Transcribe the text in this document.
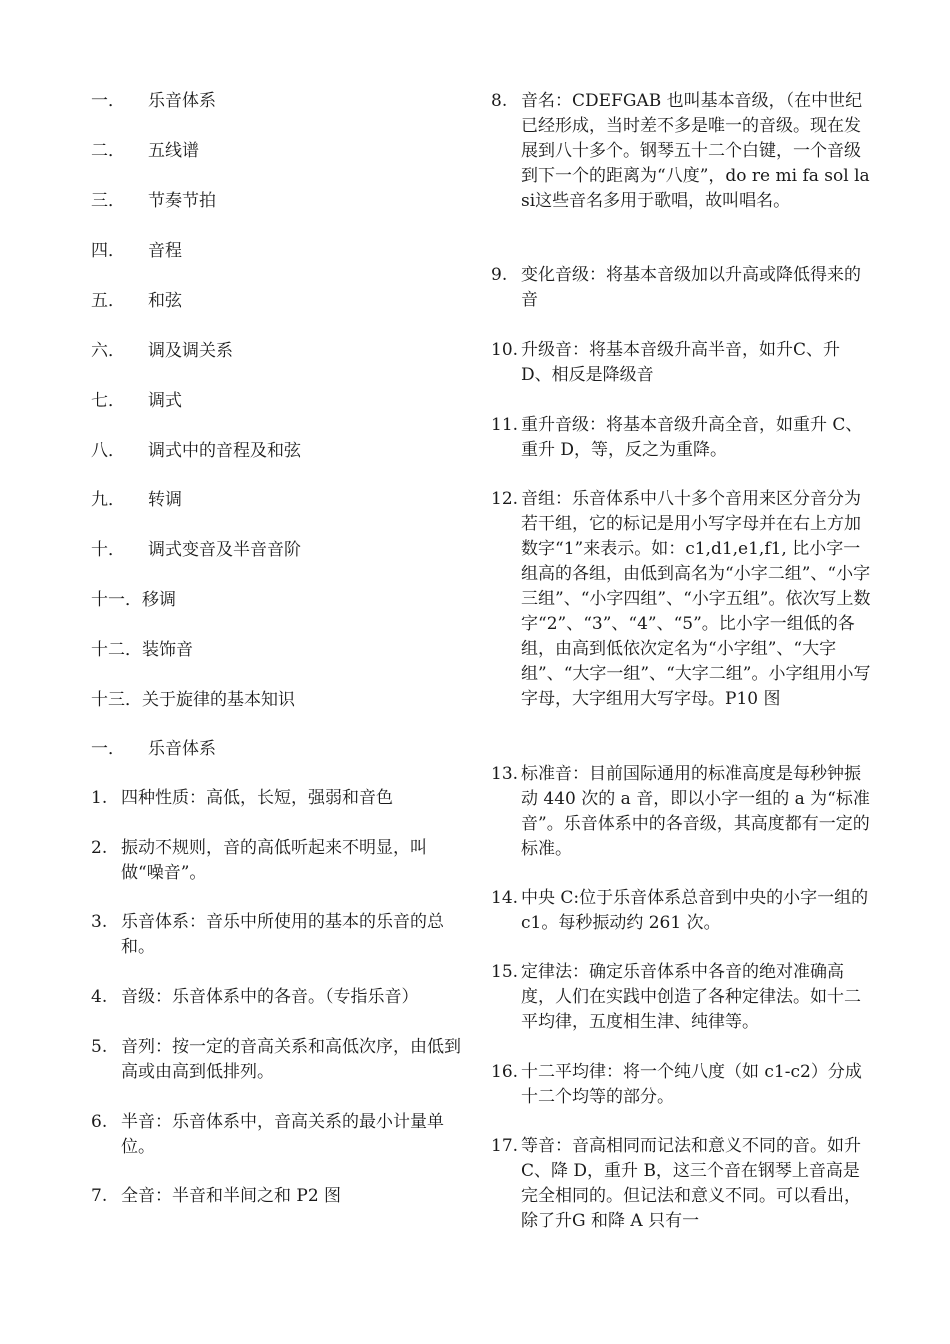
一． 乐音体系
二． 五线谱
三． 节奏节拍
四． 音程
五． 和弦
六． 调及调关系
七． 调式
八． 调式中的音程及和弦
九． 转调
十． 调式变音及半音音阶
十一．移调
十二．装饰音
十三．关于旋律的基本知识
一． 乐音体系
1. 四种性质：高低，长短，强弱和音色
2. 振动不规则，音的高低听起来不明显，叫做“噪音”。
3. 乐音体系：音乐中所使用的基本的乐音的总和。
4. 音级：乐音体系中的各音。（专指乐音）
5. 音列：按一定的音高关系和高低次序，由低到高或由高到低排列。
6. 半音：乐音体系中，音高关系的最小计量单位。
7. 全音：半音和半间之和 P2 图
8. 音名：CDEFGAB 也叫基本音级，（在中世纪已经形成，当时差不多是唯一的音级。现在发展到八十多个。钢琴五十二个白键，一个音级到下一个的距离为“八度”，do re mi fa sol la si这些音名多用于歌唱，故叫唱名。
9. 变化音级：将基本音级加以升高或降低得来的音
10. 升级音：将基本音级升高半音，如升C、升 D、相反是降级音
11. 重升音级：将基本音级升高全音，如重升 C、重升 D，等，反之为重降。
12. 音组：乐音体系中八十多个音用来区分音分为若干组，它的标记是用小写字母并在右上方加数字“1”来表示。如：c1,d1,e1,f1, 比小字一组高的各组，由低到高名为“小字二组”、“小字三组”、“小字四组”、“小字五组”。依次写上数字“2”、“3”、“4”、“5”。比小字一组低的各组，由高到低依次定名为“小字组”、“大字组”、“大字一组”、“大字二组”。小字组用小写字母，大字组用大写字母。P10 图
13. 标准音：目前国际通用的标准高度是每秒钟振动 440 次的 a 音，即以小字一组的 a 为“标准音”。乐音体系中的各音级，其高度都有一定的标准。
14. 中央 C:位于乐音体系总音到中央的小字一组的 c1。每秒振动约 261 次。
15. 定律法：确定乐音体系中各音的绝对准确高度，人们在实践中创造了各种定律法。如十二平均律，五度相生津、纯律等。
16. 十二平均律：将一个纯八度（如 c1-c2）分成十二个均等的部分。
17. 等音：音高相同而记法和意义不同的音。如升 C、降 D，重升 B，这三个音在钢琴上音高是完全相同的。但记法和意义不同。可以看出，除了升G 和降 A 只有一
